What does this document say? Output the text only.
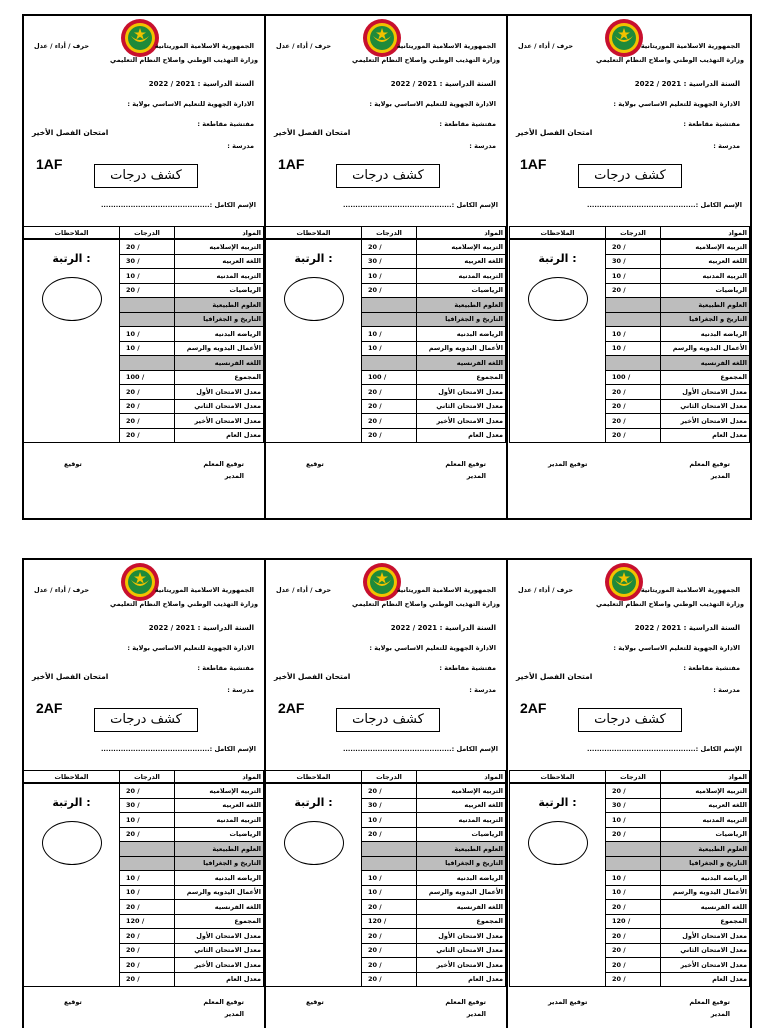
الجمهورية الاسلامية الموريتانية
وزارة التهذيب الوطني واصلاح النظام التعليمي
السنة الدراسية : 2021 / 2022
الادارة الجهوية للتعليم الاساسي بولاية :
مفتشية مقاطعة :
مدرسة :
حرف / أداء / عدل
امتحان الفصل الأخير
1AF
كشف درجات
الإسم الكامل :............................................
المواد	الدرجات	الملاحظات
التربيه الإسلاميه	20 /	: الرتبة

اللغه العربيه	30 /	
التربيه المدنيه	10 /	
الرياضيات	20 /	
العلوم الطبيعية		
التاريخ و الجغرافيا		
الرياضه البدنيه	10 /	
الأعمال اليدويه والرسم	10 /	
اللغه الفرنسيه		
المجموع	100 /	
معدل الامتحان الأول	20 /	
معدل الامتحان الثاني	20 /	
معدل الامتحان الأخير	20 /	
معدل العام	20 /	
توقيع المعلم
المدير
توقيع
الجمهورية الاسلامية الموريتانية
وزارة التهذيب الوطني واصلاح النظام التعليمي
السنة الدراسية : 2021 / 2022
الادارة الجهوية للتعليم الاساسي بولاية :
مفتشية مقاطعة :
مدرسة :
حرف / أداء / عدل
امتحان الفصل الأخير
1AF
كشف درجات
الإسم الكامل :............................................
المواد	الدرجات	الملاحظات
التربيه الإسلاميه	20 /	: الرتبة

اللغه العربيه	30 /	
التربيه المدنيه	10 /	
الرياضيات	20 /	
العلوم الطبيعية		
التاريخ و الجغرافيا		
الرياضه البدنيه	10 /	
الأعمال اليدويه والرسم	10 /	
اللغه الفرنسيه		
المجموع	100 /	
معدل الامتحان الأول	20 /	
معدل الامتحان الثاني	20 /	
معدل الامتحان الأخير	20 /	
معدل العام	20 /	
توقيع المعلم
المدير
توقيع
الجمهورية الاسلامية الموريتانية
وزارة التهذيب الوطني واصلاح النظام التعليمي
السنة الدراسية : 2021 / 2022
الادارة الجهوية للتعليم الاساسي بولاية :
مفتشية مقاطعة :
مدرسة :
حرف / أداء / عدل
امتحان الفصل الأخير
1AF
كشف درجات
الإسم الكامل :............................................
المواد	الدرجات	الملاحظات
التربيه الإسلاميه	20 /	: الرتبة

اللغه العربيه	30 /	
التربيه المدنيه	10 /	
الرياضيات	20 /	
العلوم الطبيعية		
التاريخ و الجغرافيا		
الرياضه البدنيه	10 /	
الأعمال اليدويه والرسم	10 /	
اللغه الفرنسيه		
المجموع	100 /	
معدل الامتحان الأول	20 /	
معدل الامتحان الثاني	20 /	
معدل الامتحان الأخير	20 /	
معدل العام	20 /	
توقيع المعلم
المدير
توقيع المدير
الجمهورية الاسلامية الموريتانية
وزارة التهذيب الوطني واصلاح النظام التعليمي
السنة الدراسية : 2021 / 2022
الادارة الجهوية للتعليم الاساسي بولاية :
مفتشية مقاطعة :
مدرسة :
حرف / أداء / عدل
امتحان الفصل الأخير
2AF
كشف درجات
الإسم الكامل :............................................
المواد	الدرجات	الملاحظات
التربيه الإسلاميه	20 /	: الرتبة

اللغه العربيه	30 /	
التربيه المدنيه	10 /	
الرياضيات	20 /	
العلوم الطبيعية		
التاريخ و الجغرافيا		
الرياضه البدنيه	10 /	
الأعمال اليدويه والرسم	10 /	
اللغه الفرنسيه	20 /	
المجموع	120 /	
معدل الامتحان الأول	20 /	
معدل الامتحان الثاني	20 /	
معدل الامتحان الأخير	20 /	
معدل العام	20 /	
توقيع المعلم
المدير
توقيع
الجمهورية الاسلامية الموريتانية
وزارة التهذيب الوطني واصلاح النظام التعليمي
السنة الدراسية : 2021 / 2022
الادارة الجهوية للتعليم الاساسي بولاية :
مفتشية مقاطعة :
مدرسة :
حرف / أداء / عدل
امتحان الفصل الأخير
2AF
كشف درجات
الإسم الكامل :............................................
المواد	الدرجات	الملاحظات
التربيه الإسلاميه	20 /	: الرتبة

اللغه العربيه	30 /	
التربيه المدنيه	10 /	
الرياضيات	20 /	
العلوم الطبيعية		
التاريخ و الجغرافيا		
الرياضه البدنيه	10 /	
الأعمال اليدويه والرسم	10 /	
اللغه الفرنسيه	20 /	
المجموع	120 /	
معدل الامتحان الأول	20 /	
معدل الامتحان الثاني	20 /	
معدل الامتحان الأخير	20 /	
معدل العام	20 /	
توقيع المعلم
المدير
توقيع
الجمهورية الاسلامية الموريتانية
وزارة التهذيب الوطني واصلاح النظام التعليمي
السنة الدراسية : 2021 / 2022
الادارة الجهوية للتعليم الاساسي بولاية :
مفتشية مقاطعة :
مدرسة :
حرف / أداء / عدل
امتحان الفصل الأخير
2AF
كشف درجات
الإسم الكامل :............................................
المواد	الدرجات	الملاحظات
التربيه الإسلاميه	20 /	: الرتبة

اللغه العربيه	30 /	
التربيه المدنيه	10 /	
الرياضيات	20 /	
العلوم الطبيعية		
التاريخ و الجغرافيا		
الرياضه البدنيه	10 /	
الأعمال اليدويه والرسم	10 /	
اللغه الفرنسيه	20 /	
المجموع	120 /	
معدل الامتحان الأول	20 /	
معدل الامتحان الثاني	20 /	
معدل الامتحان الأخير	20 /	
معدل العام	20 /	
توقيع المعلم
المدير
توقيع المدير
